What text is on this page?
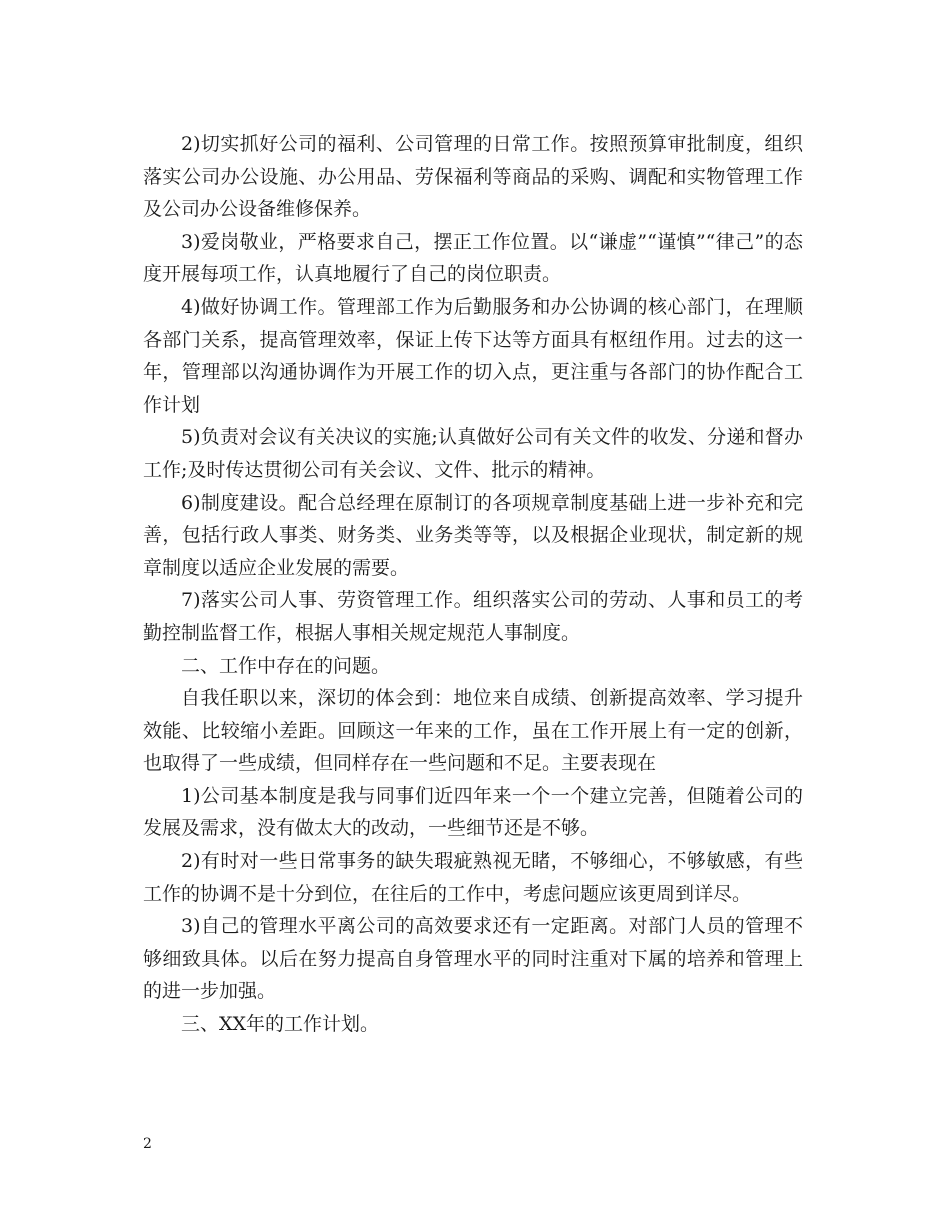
2)切实抓好公司的福利、公司管理的日常工作。按照预算审批制度，组织落实公司办公设施、办公用品、劳保福利等商品的采购、调配和实物管理工作及公司办公设备维修保养。

3)爱岗敬业，严格要求自己，摆正工作位置。以“谦虚”“谨慎”“律己”的态度开展每项工作，认真地履行了自己的岗位职责。

4)做好协调工作。管理部工作为后勤服务和办公协调的核心部门，在理顺各部门关系，提高管理效率，保证上传下达等方面具有枢纽作用。过去的这一年，管理部以沟通协调作为开展工作的切入点，更注重与各部门的协作配合工作计划

5)负责对会议有关决议的实施;认真做好公司有关文件的收发、分递和督办工作;及时传达贯彻公司有关会议、文件、批示的精神。

6)制度建设。配合总经理在原制订的各项规章制度基础上进一步补充和完善，包括行政人事类、财务类、业务类等等，以及根据企业现状，制定新的规章制度以适应企业发展的需要。

7)落实公司人事、劳资管理工作。组织落实公司的劳动、人事和员工的考勤控制监督工作，根据人事相关规定规范人事制度。

二、工作中存在的问题。

自我任职以来，深切的体会到：地位来自成绩、创新提高效率、学习提升效能、比较缩小差距。回顾这一年来的工作，虽在工作开展上有一定的创新，也取得了一些成绩，但同样存在一些问题和不足。主要表现在

1)公司基本制度是我与同事们近四年来一个一个建立完善，但随着公司的发展及需求，没有做太大的改动，一些细节还是不够。

2)有时对一些日常事务的缺失瑕疵熟视无睹，不够细心，不够敏感，有些工作的协调不是十分到位，在往后的工作中，考虑问题应该更周到详尽。

3)自己的管理水平离公司的高效要求还有一定距离。对部门人员的管理不够细致具体。以后在努力提高自身管理水平的同时注重对下属的培养和管理上的进一步加强。

三、XX年的工作计划。

2
